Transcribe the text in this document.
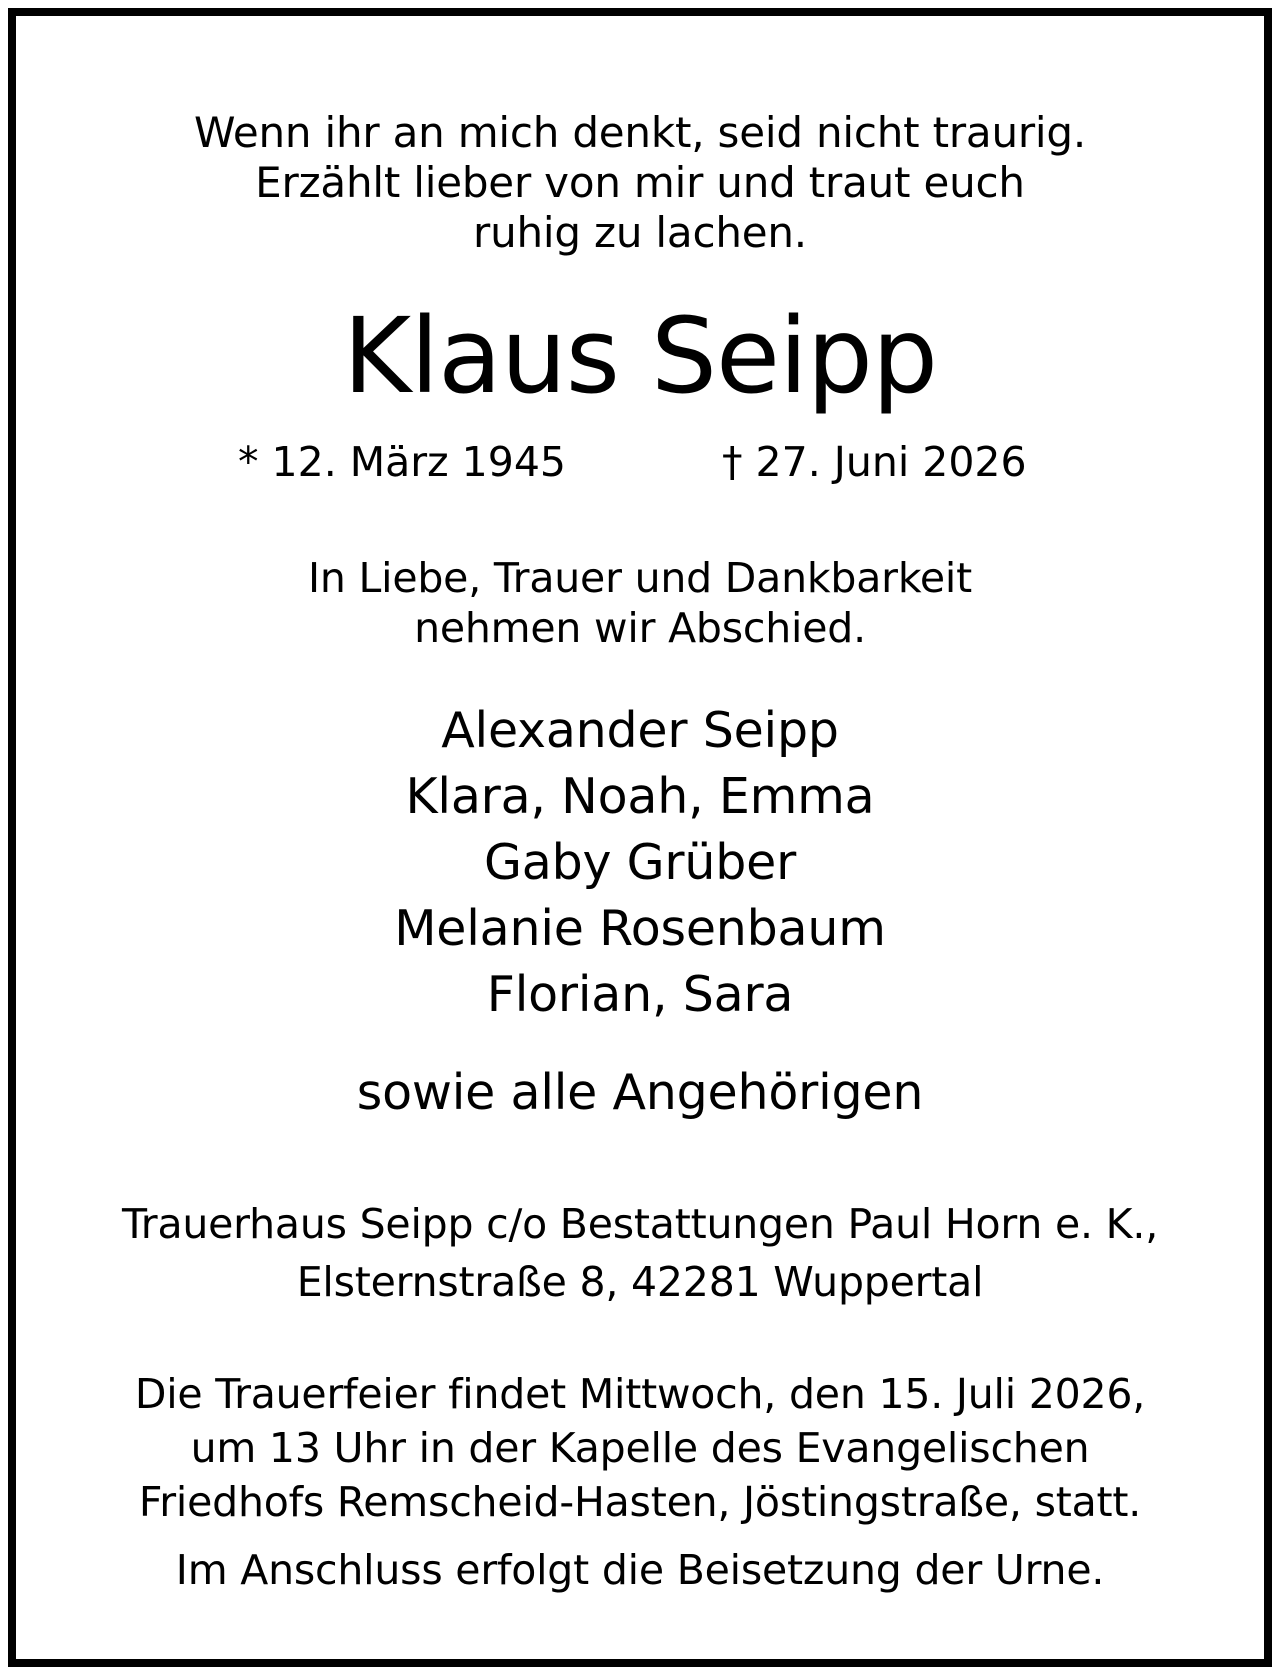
Wenn ihr an mich denkt, seid nicht traurig.
Erzählt lieber von mir und traut euch
ruhig zu lachen.
Klaus Seipp
* 12. März 1945	† 27. Juni 2026
In Liebe, Trauer und Dankbarkeit
nehmen wir Abschied.
Alexander Seipp
Klara, Noah, Emma
Gaby Grüber
Melanie Rosenbaum
Florian, Sara
sowie alle Angehörigen
Trauerhaus Seipp c/o Bestattungen Paul Horn e. K.,
Elsternstraße 8, 42281 Wuppertal
Die Trauerfeier findet Mittwoch, den 15. Juli 2026,
um 13 Uhr in der Kapelle des Evangelischen
Friedhofs Remscheid-Hasten, Jöstingstraße, statt.
Im Anschluss erfolgt die Beisetzung der Urne.
